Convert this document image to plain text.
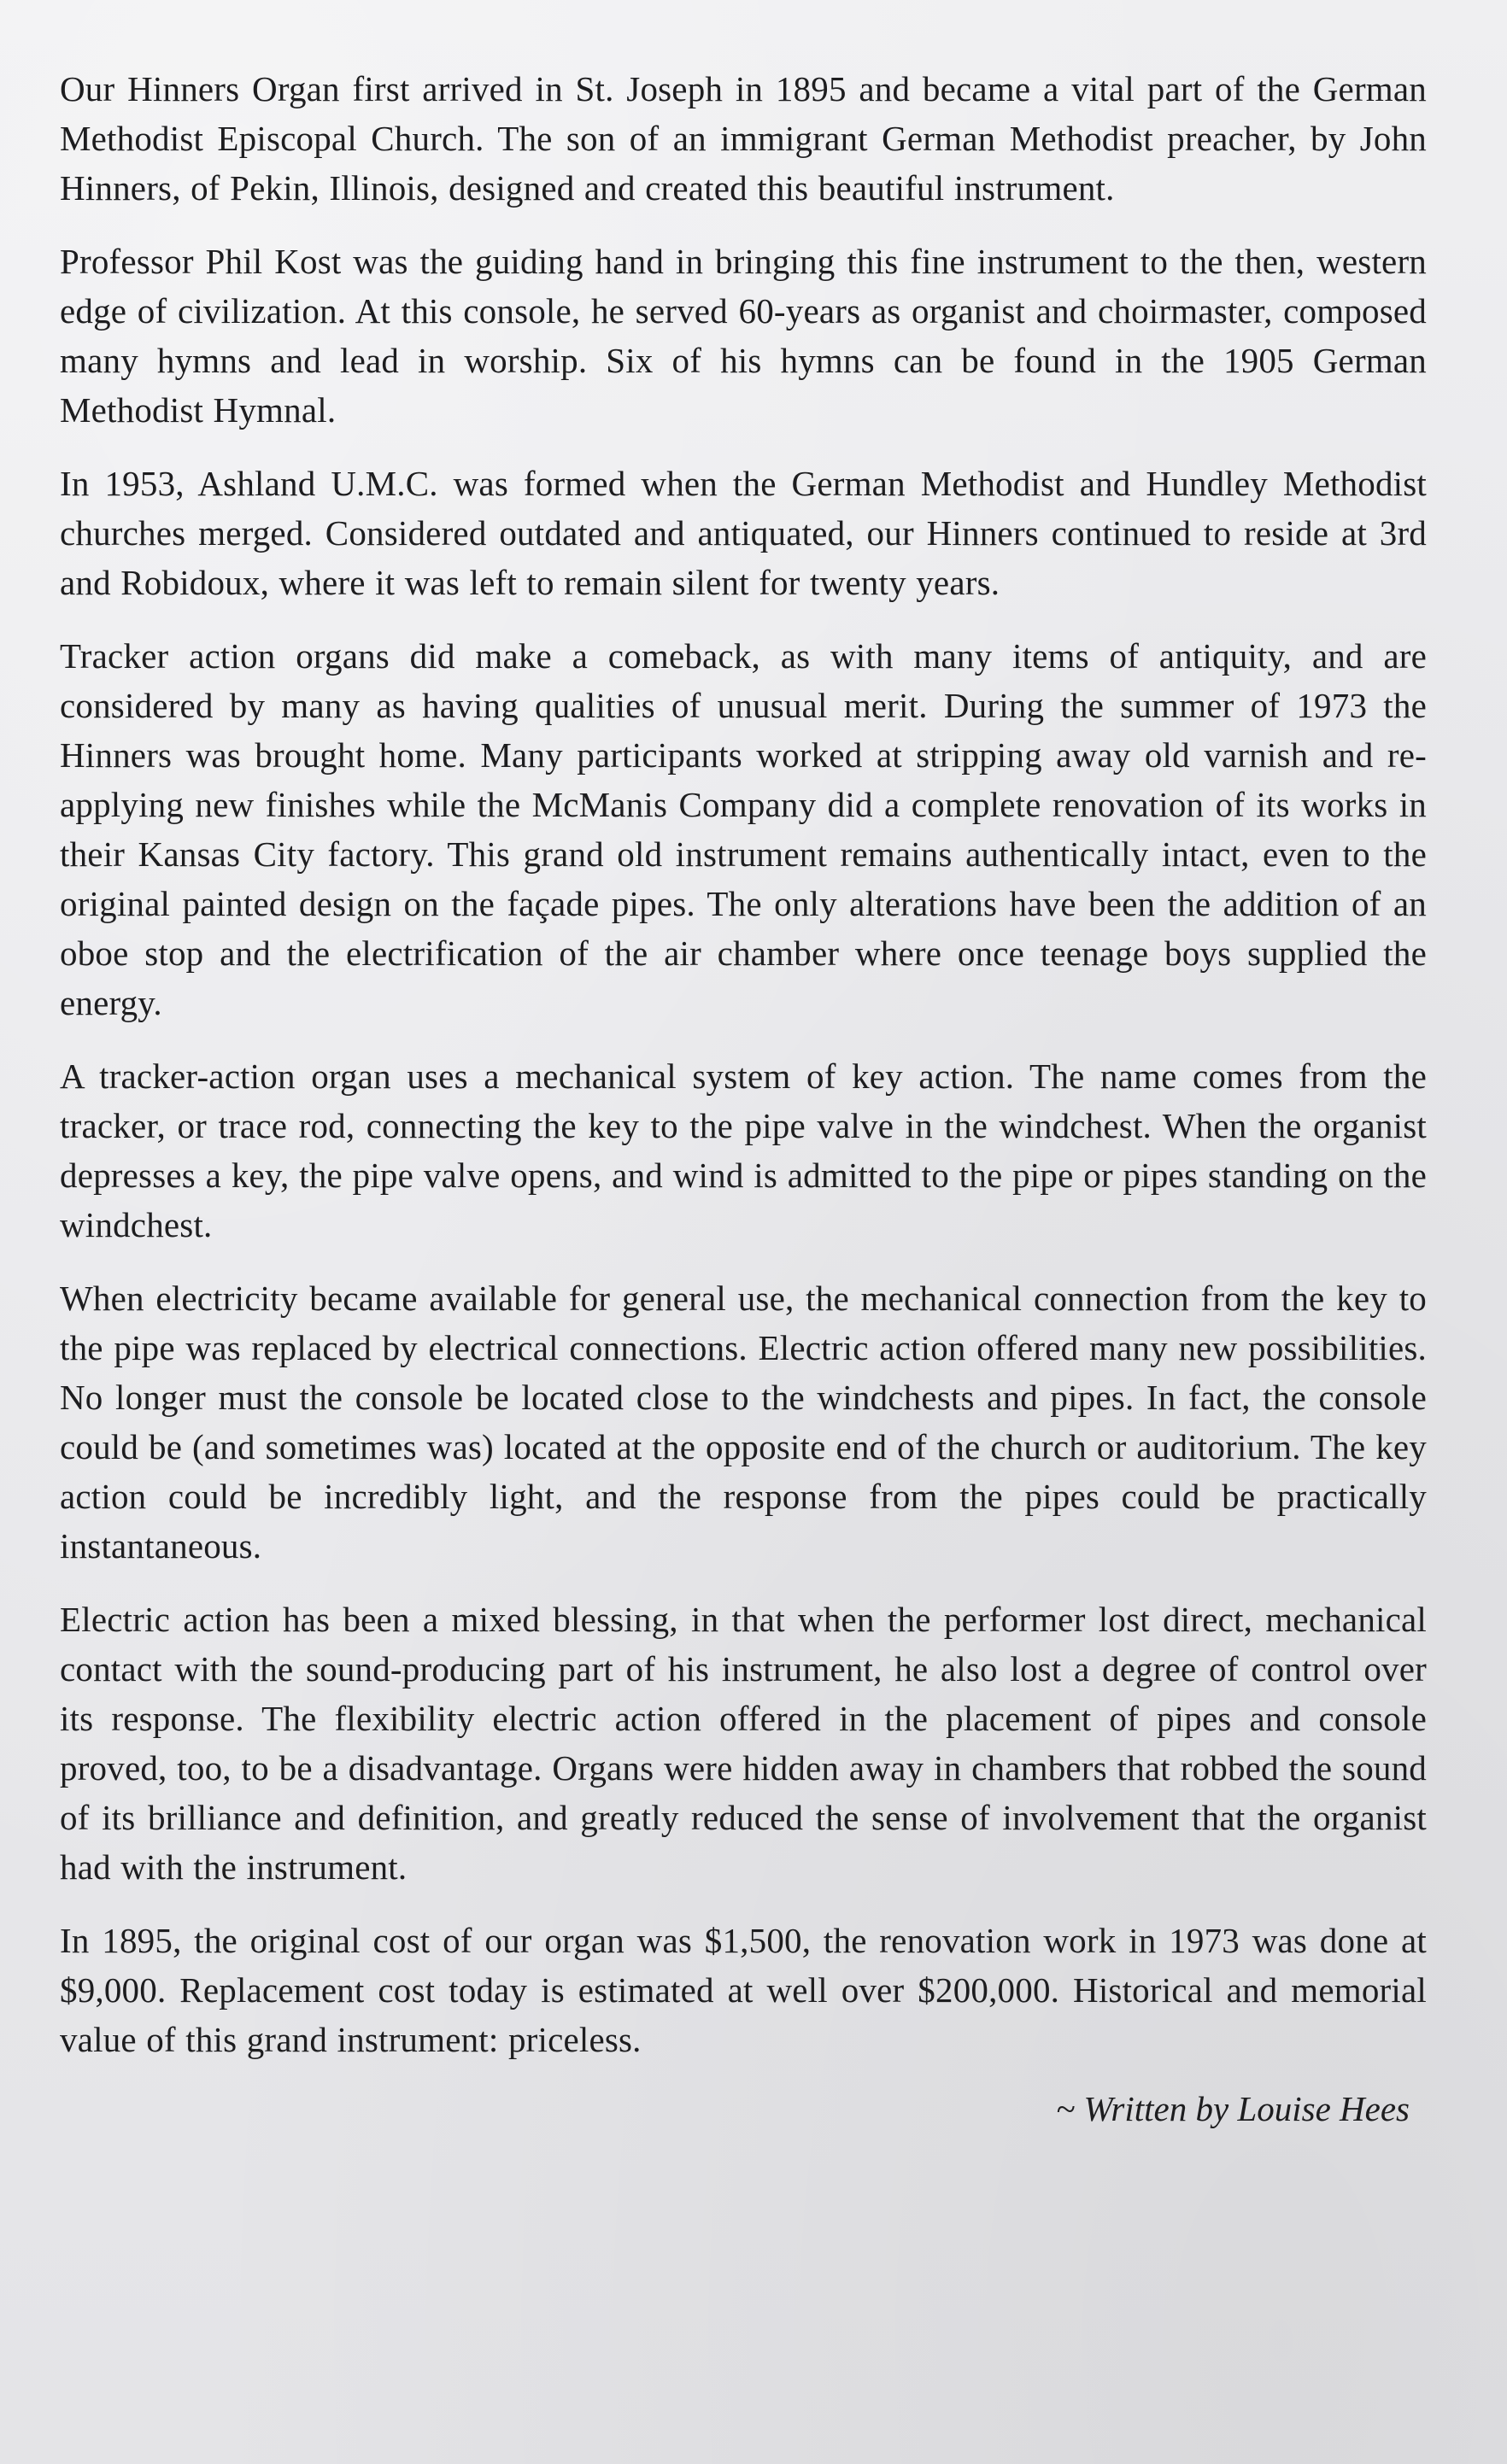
Our Hinners Organ first arrived in St. Joseph in 1895 and became a vital part of the German Methodist Episcopal Church. The son of an immigrant German Methodist preacher, by John Hinners, of Pekin, Illinois, designed and created this beautiful instrument.

Professor Phil Kost was the guiding hand in bringing this fine instrument to the then, western edge of civilization. At this console, he served 60-years as organist and choirmaster, composed many hymns and lead in worship. Six of his hymns can be found in the 1905 German Methodist Hymnal.

In 1953, Ashland U.M.C. was formed when the German Methodist and Hundley Methodist churches merged. Considered outdated and antiquated, our Hinners continued to reside at 3rd and Robidoux, where it was left to remain silent for twenty years.

Tracker action organs did make a comeback, as with many items of antiquity, and are considered by many as having qualities of unusual merit. During the summer of 1973 the Hinners was brought home. Many participants worked at stripping away old varnish and re-applying new finishes while the McManis Company did a complete renovation of its works in their Kansas City factory. This grand old instrument remains authentically intact, even to the original painted design on the façade pipes. The only alterations have been the addition of an oboe stop and the electrification of the air chamber where once teenage boys supplied the energy.

A tracker-action organ uses a mechanical system of key action. The name comes from the tracker, or trace rod, connecting the key to the pipe valve in the windchest. When the organist depresses a key, the pipe valve opens, and wind is admitted to the pipe or pipes standing on the windchest.

When electricity became available for general use, the mechanical connection from the key to the pipe was replaced by electrical connections. Electric action offered many new possibilities. No longer must the console be located close to the windchests and pipes. In fact, the console could be (and sometimes was) located at the opposite end of the church or auditorium. The key action could be incredibly light, and the response from the pipes could be practically instantaneous.

Electric action has been a mixed blessing, in that when the performer lost direct, mechanical contact with the sound-producing part of his instrument, he also lost a degree of control over its response. The flexibility electric action offered in the placement of pipes and console proved, too, to be a disadvantage. Organs were hidden away in chambers that robbed the sound of its brilliance and definition, and greatly reduced the sense of involvement that the organist had with the instrument.

In 1895, the original cost of our organ was $1,500, the renovation work in 1973 was done at $9,000. Replacement cost today is estimated at well over $200,000. Historical and memorial value of this grand instrument: priceless.

~ Written by Louise Hees
